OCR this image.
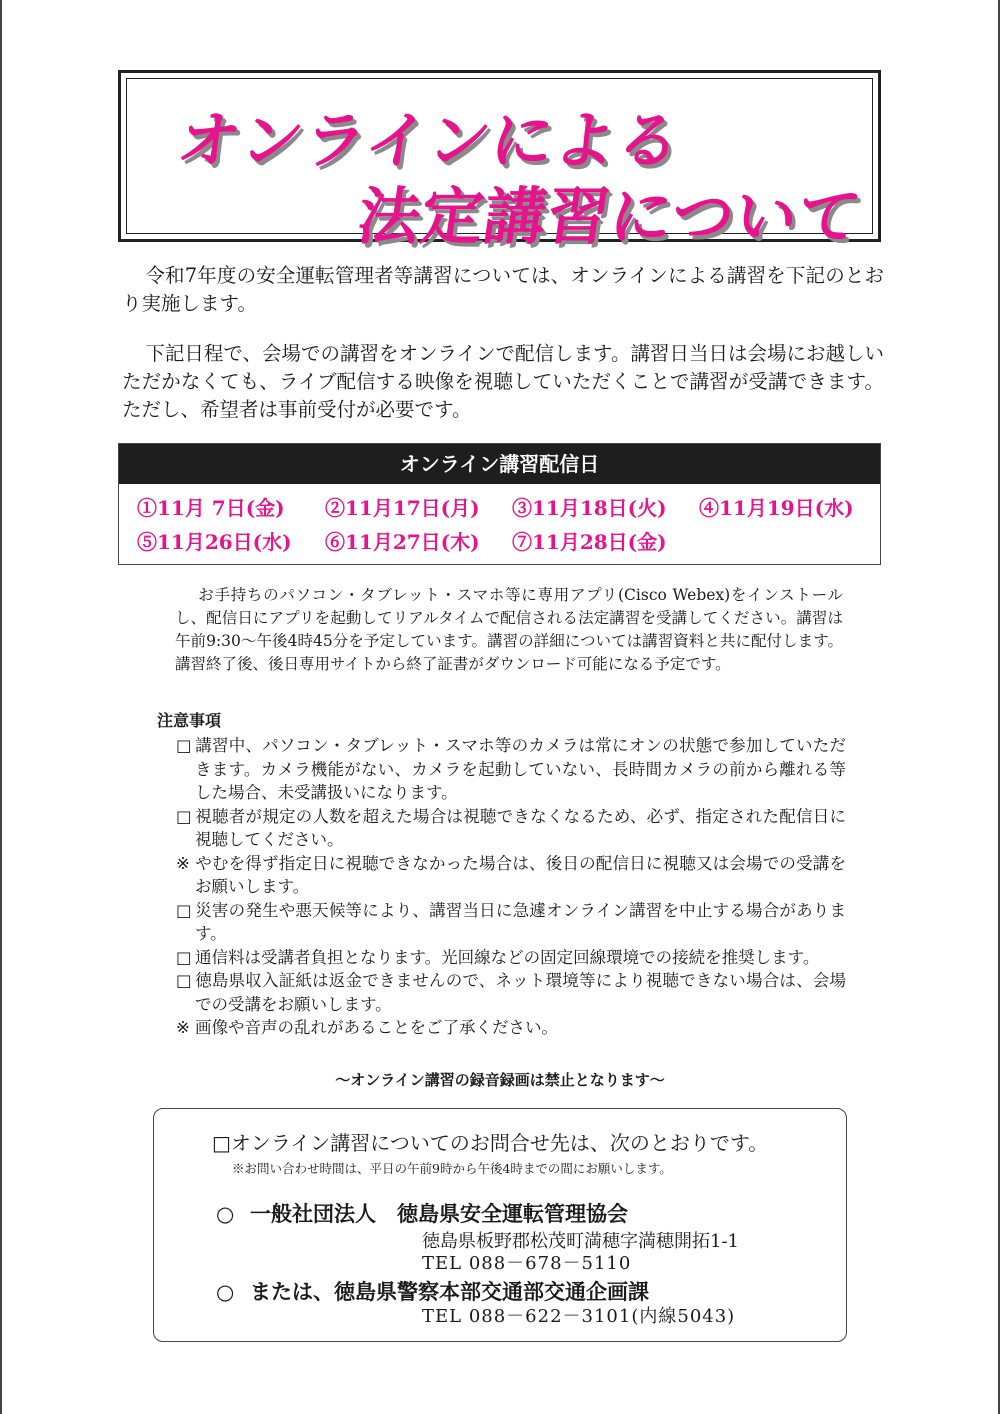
オンラインによる
法定講習について

令和7年度の安全運転管理者等講習については、オンラインによる講習を下記のとおり実施します。

下記日程で、会場での講習をオンラインで配信します。講習日当日は会場にお越しいただかなくても、ライブ配信する映像を視聴していただくことで講習が受講できます。ただし、希望者は事前受付が必要です。

オンライン講習配信日
①11月 7日(金) ②11月17日(月) ③11月18日(火) ④11月19日(水)
⑤11月26日(水) ⑥11月27日(木) ⑦11月28日(金)

お手持ちのパソコン・タブレット・スマホ等に専用アプリ(Cisco Webex)をインストールし、配信日にアプリを起動してリアルタイムで配信される法定講習を受講してください。講習は午前9:30～午後4時45分を予定しています。講習の詳細については講習資料と共に配付します。講習終了後、後日専用サイトから終了証書がダウンロード可能になる予定です。

注意事項
□ 講習中、パソコン・タブレット・スマホ等のカメラは常にオンの状態で参加していただきます。カメラ機能がない、カメラを起動していない、長時間カメラの前から離れる等した場合、未受講扱いになります。
□ 視聴者が規定の人数を超えた場合は視聴できなくなるため、必ず、指定された配信日に視聴してください。
※ やむを得ず指定日に視聴できなかった場合は、後日の配信日に視聴又は会場での受講をお願いします。
□ 災害の発生や悪天候等により、講習当日に急遽オンライン講習を中止する場合があります。
□ 通信料は受講者負担となります。光回線などの固定回線環境での接続を推奨します。
□ 徳島県収入証紙は返金できませんので、ネット環境等により視聴できない場合は、会場での受講をお願いします。
※ 画像や音声の乱れがあることをご了承ください。
～オンライン講習の録音録画は禁止となります～
□オンライン講習についてのお問合せ先は、次のとおりです。
※お問い合わせ時間は、平日の午前9時から午後4時までの間にお願いします。
○ 一般社団法人　徳島県安全運転管理協会
徳島県板野郡松茂町満穂字満穂開拓1-1
TEL 088－678－5110
○ または、徳島県警察本部交通部交通企画課
TEL 088－622－3101(内線5043)
